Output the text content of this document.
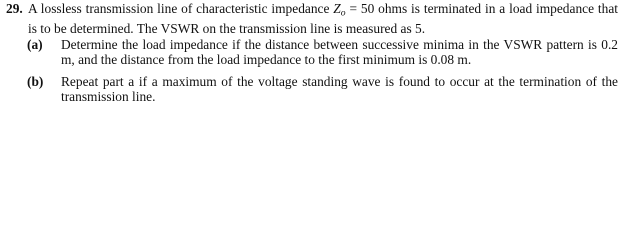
29. A lossless transmission line of characteristic impedance $Z_o = 50$ ohms is terminated in a load impedance that is to be determined. The VSWR on the transmission line is measured as 5.
(a) Determine the load impedance if the distance between successive minima in the VSWR pattern is 0.2 m, and the distance from the load impedance to the first minimum is 0.08 m.
(b) Repeat part a if a maximum of the voltage standing wave is found to occur at the termination of the transmission line.
